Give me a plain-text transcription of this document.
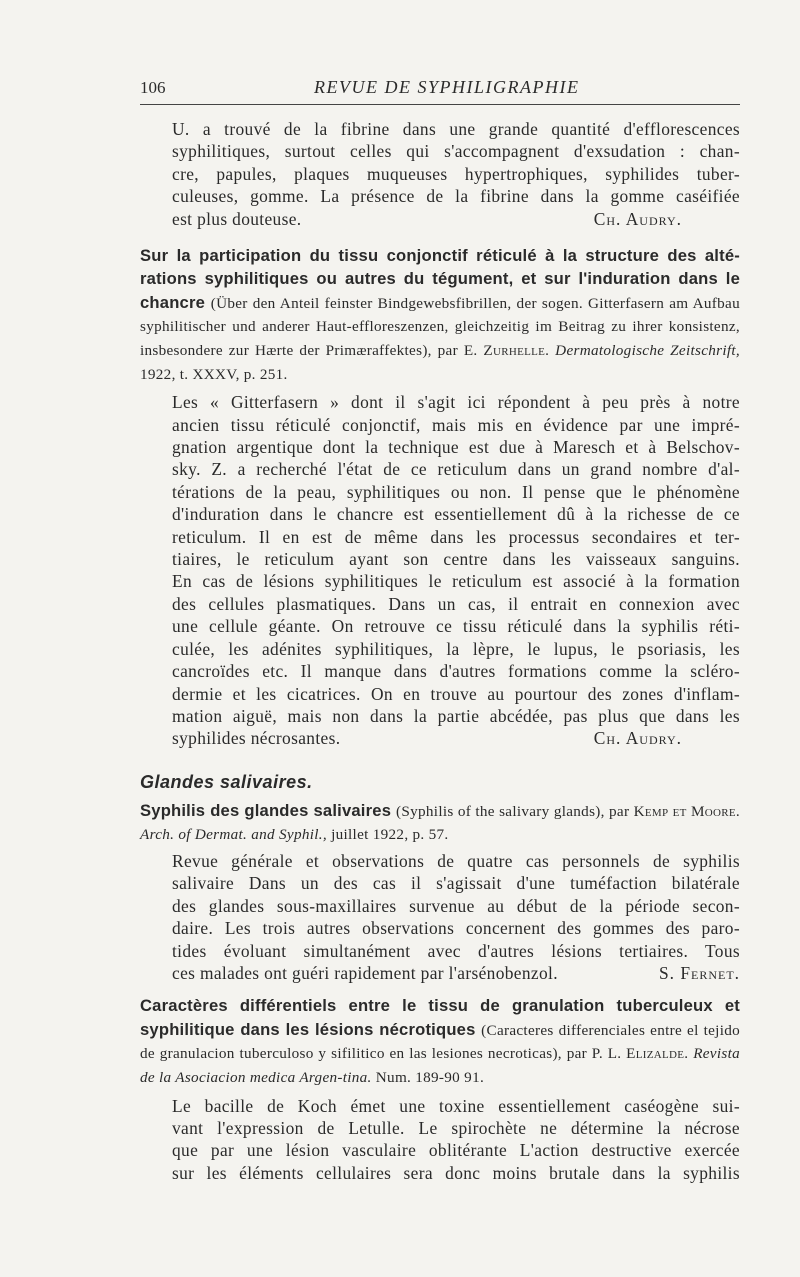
106	REVUE DE SYPHILIGRAPHIE

U. a trouvé de la fibrine dans une grande quantité d'efflorescences
syphilitiques, surtout celles qui s'accompagnent d'exsudation : chan-
cre, papules, plaques muqueuses hypertrophiques, syphilides tuber-
culeuses, gomme. La présence de la fibrine dans la gomme caséifiée
est plus douteuse.	Ch. Audry.

Sur la participation du tissu conjonctif réticulé à la structure des alté-rations syphilitiques ou autres du tégument, et sur l'induration dans le chancre (Über den Anteil feinster Bindgewebsfibrillen, der sogen. Gitterfasern am Aufbau syphilitischer und anderer Haut-effloreszenzen, gleichzeitig im Beitrag zu ihrer konsistenz, insbesondere zur Hærte der Primæraffektes), par E. Zurhelle. Dermatologische Zeitschrift, 1922, t. XXXV, p. 251.

Les « Gitterfasern » dont il s'agit ici répondent à peu près à notre
ancien tissu réticulé conjonctif, mais mis en évidence par une impré-
gnation argentique dont la technique est due à Maresch et à Belschov-
sky. Z. a recherché l'état de ce reticulum dans un grand nombre d'al-
térations de la peau, syphilitiques ou non. Il pense que le phénomène
d'induration dans le chancre est essentiellement dû à la richesse de ce
reticulum. Il en est de même dans les processus secondaires et ter-
tiaires, le reticulum ayant son centre dans les vaisseaux sanguins.
En cas de lésions syphilitiques le reticulum est associé à la formation
des cellules plasmatiques. Dans un cas, il entrait en connexion avec
une cellule géante. On retrouve ce tissu réticulé dans la syphilis réti-
culée, les adénites syphilitiques, la lèpre, le lupus, le psoriasis, les
cancroïdes etc. Il manque dans d'autres formations comme la scléro-
dermie et les cicatrices. On en trouve au pourtour des zones d'inflam-
mation aiguë, mais non dans la partie abcédée, pas plus que dans les
syphilides nécrosantes.	Ch. Audry.

Glandes salivaires.

Syphilis des glandes salivaires (Syphilis of the salivary glands), par Kemp et Moore. Arch. of Dermat. and Syphil., juillet 1922, p. 57.

Revue générale et observations de quatre cas personnels de syphilis
salivaire Dans un des cas il s'agissait d'une tuméfaction bilatérale
des glandes sous-maxillaires survenue au début de la période secon-
daire. Les trois autres observations concernent des gommes des paro-
tides évoluant simultanément avec d'autres lésions tertiaires. Tous
ces malades ont guéri rapidement par l'arsénobenzol.	S. Fernet.

Caractères différentiels entre le tissu de granulation tuberculeux et syphilitique dans les lésions nécrotiques (Caracteres differenciales entre el tejido de granulacion tuberculoso y sifilitico en las lesiones necroticas), par P. L. Elizalde. Revista de la Asociacion medica Argen-tina. Num. 189-90 91.

Le bacille de Koch émet une toxine essentiellement caséogène sui-
vant l'expression de Letulle. Le spirochète ne détermine la nécrose
que par une lésion vasculaire oblitérante L'action destructive exercée
sur les éléments cellulaires sera donc moins brutale dans la syphilis
